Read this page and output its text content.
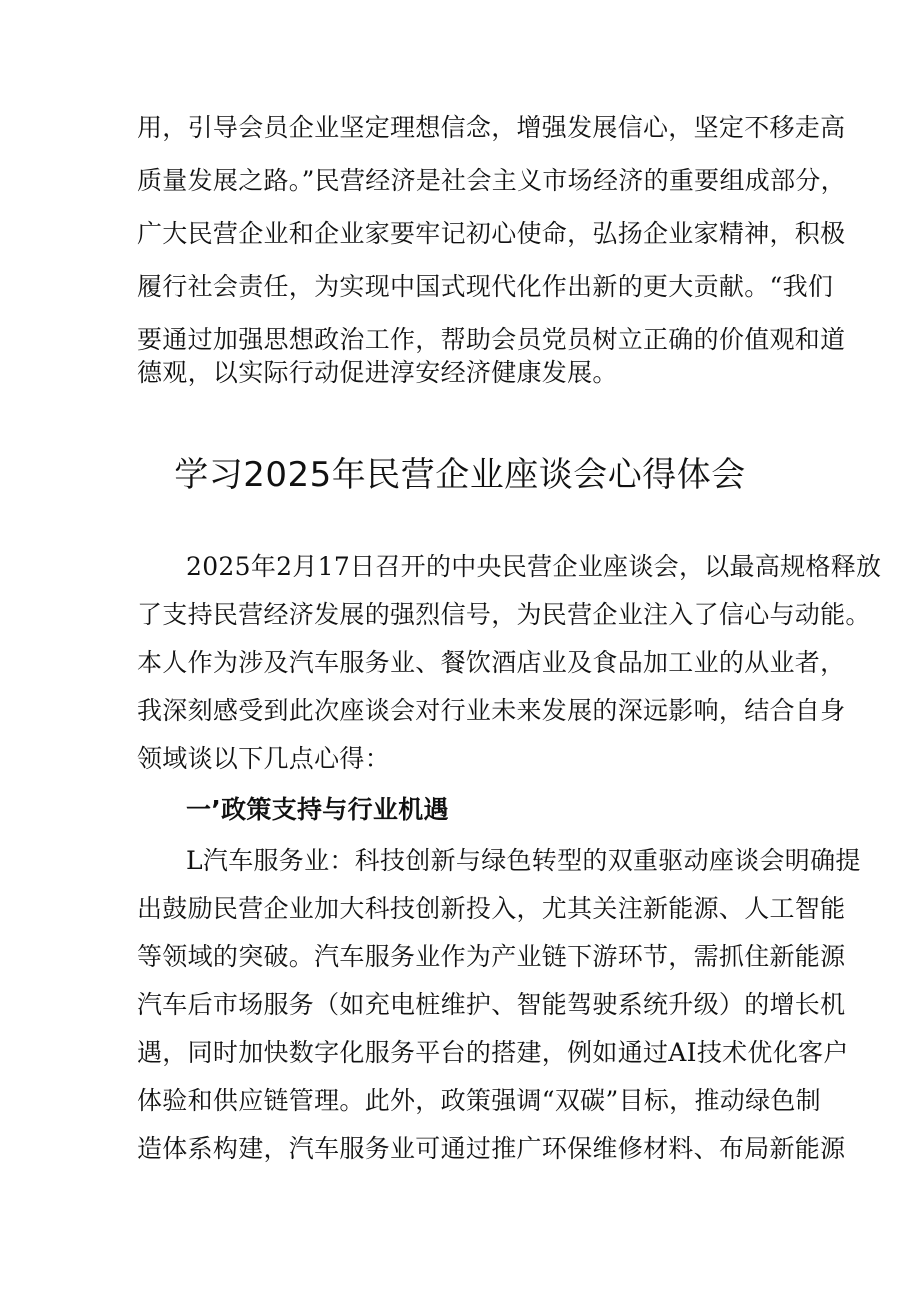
用，引导会员企业坚定理想信念，增强发展信心，坚定不移走高
质量发展之路。”民营经济是社会主义市场经济的重要组成部分，
广大民营企业和企业家要牢记初心使命，弘扬企业家精神，积极
履行社会责任，为实现中国式现代化作出新的更大贡献。“我们
要通过加强思想政治工作，帮助会员党员树立正确的价值观和道
德观，以实际行动促进淳安经济健康发展。
学习2025年民营企业座谈会心得体会
2025年2月17日召开的中央民营企业座谈会，以最高规格释放
了支持民营经济发展的强烈信号，为民营企业注入了信心与动能。
本人作为涉及汽车服务业、餐饮酒店业及食品加工业的从业者，
我深刻感受到此次座谈会对行业未来发展的深远影响，结合自身
领域谈以下几点心得：
一’政策支持与行业机遇
L汽车服务业：科技创新与绿色转型的双重驱动座谈会明确提
出鼓励民营企业加大科技创新投入，尤其关注新能源、人工智能
等领域的突破。汽车服务业作为产业链下游环节，需抓住新能源
汽车后市场服务（如充电桩维护、智能驾驶系统升级）的增长机
遇，同时加快数字化服务平台的搭建，例如通过AI技术优化客户
体验和供应链管理。此外，政策强调“双碳”目标，推动绿色制
造体系构建，汽车服务业可通过推广环保维修材料、布局新能源
